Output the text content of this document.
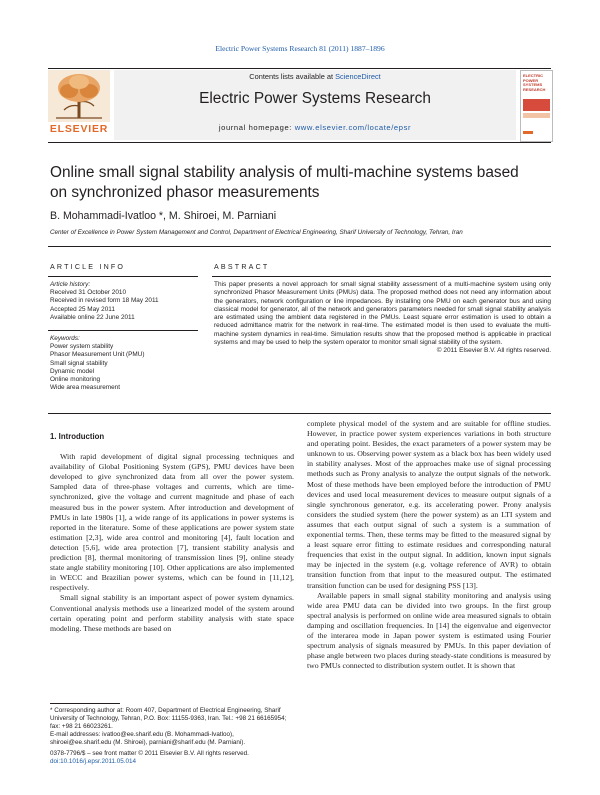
Electric Power Systems Research 81 (2011) 1887–1896
ELSEVIER
Contents lists available at ScienceDirect
Electric Power Systems Research
journal homepage: www.elsevier.com/locate/epsr
ELECTRIC POWER SYSTEMS RESEARCH
Online small signal stability analysis of multi-machine systems based on synchronized phasor measurements
B. Mohammadi-Ivatloo *, M. Shiroei, M. Parniani
Center of Excellence in Power System Management and Control, Department of Electrical Engineering, Sharif University of Technology, Tehran, Iran
ARTICLE INFO	ABSTRACT
Article history:
Received 31 October 2010
Received in revised form 18 May 2011
Accepted 25 May 2011
Available online 22 June 2011
Keywords:
Power system stability
Phasor Measurement Unit (PMU)
Small signal stability
Dynamic model
Online monitoring
Wide area measurement
This paper presents a novel approach for small signal stability assessment of a multi-machine system using only synchronized Phasor Measurement Units (PMUs) data. The proposed method does not need any information about the generators, network configuration or line impedances. By installing one PMU on each generator bus and using classical model for generator, all of the network and generators parameters needed for small signal stability analysis are estimated using the ambient data registered in the PMUs. Least square error estimation is used to obtain a reduced admittance matrix for the network in real-time. The estimated model is then used to evaluate the multi-machine system dynamics in real-time. Simulation results show that the proposed method is applicable in practical systems and may be used to help the system operator to monitor small signal stability of the system.
© 2011 Elsevier B.V. All rights reserved.
1. Introduction

With rapid development of digital signal processing techniques and availability of Global Positioning System (GPS), PMU devices have been developed to give synchronized data from all over the power system. Sampled data of three-phase voltages and currents, which are time-synchronized, give the voltage and current magnitude and phase of each measured bus in the power system. After introduction and development of PMUs in late 1980s [1], a wide range of its applications in power systems is reported in the literature. Some of these applications are power system state estimation [2,3], wide area control and monitoring [4], fault location and detection [5,6], wide area protection [7], transient stability analysis and prediction [8], thermal monitoring of transmission lines [9], online steady state angle stability monitoring [10]. Other applications are also implemented in WECC and Brazilian power systems, which can be found in [11,12], respectively.

Small signal stability is an important aspect of power system dynamics. Conventional analysis methods use a linearized model of the system around certain operating point and perform stability analysis with state space modeling. These methods are based on

complete physical model of the system and are suitable for offline studies. However, in practice power system experiences variations in both structure and operating point. Besides, the exact parameters of a power system may be unknown to us. Observing power system as a black box has been widely used in stability analyses. Most of the approaches make use of signal processing methods such as Prony analysis to analyze the output signals of the network. Most of these methods have been employed before the introduction of PMU devices and used local measurement devices to measure output signals of a single synchronous generator, e.g. its accelerating power. Prony analysis considers the studied system (here the power system) as an LTI system and assumes that each output signal of such a system is a summation of exponential terms. Then, these terms may be fitted to the measured signal by a least square error fitting to estimate residues and corresponding natural frequencies that exist in the output signal. In addition, known input signals may be injected in the system (e.g. voltage reference of AVR) to obtain transition function from that input to the measured output. The estimated transition function can be used for designing PSS [13].

Available papers in small signal stability monitoring and analysis using wide area PMU data can be divided into two groups. In the first group spectral analysis is performed on online wide area measured signals to obtain damping and oscillation frequencies. In [14] the eigenvalue and eigenvector of the interarea mode in Japan power system is estimated using Fourier spectrum analysis of signals measured by PMUs. In this paper deviation of phase angle between two places during steady-state conditions is measured by two PMUs connected to distribution system outlet. It is shown that

* Corresponding author at: Room 407, Department of Electrical Engineering, Sharif University of Technology, Tehran, P.O. Box: 11155-9363, Iran. Tel.: +98 21 66165954; fax: +98 21 66023261.
E-mail addresses: ivatloo@ee.sharif.edu (B. Mohammadi-Ivatloo), shiroei@ee.sharif.edu (M. Shiroei), parniani@sharif.edu (M. Parniani).
0378-7796/$ – see front matter © 2011 Elsevier B.V. All rights reserved.
doi:10.1016/j.epsr.2011.05.014
